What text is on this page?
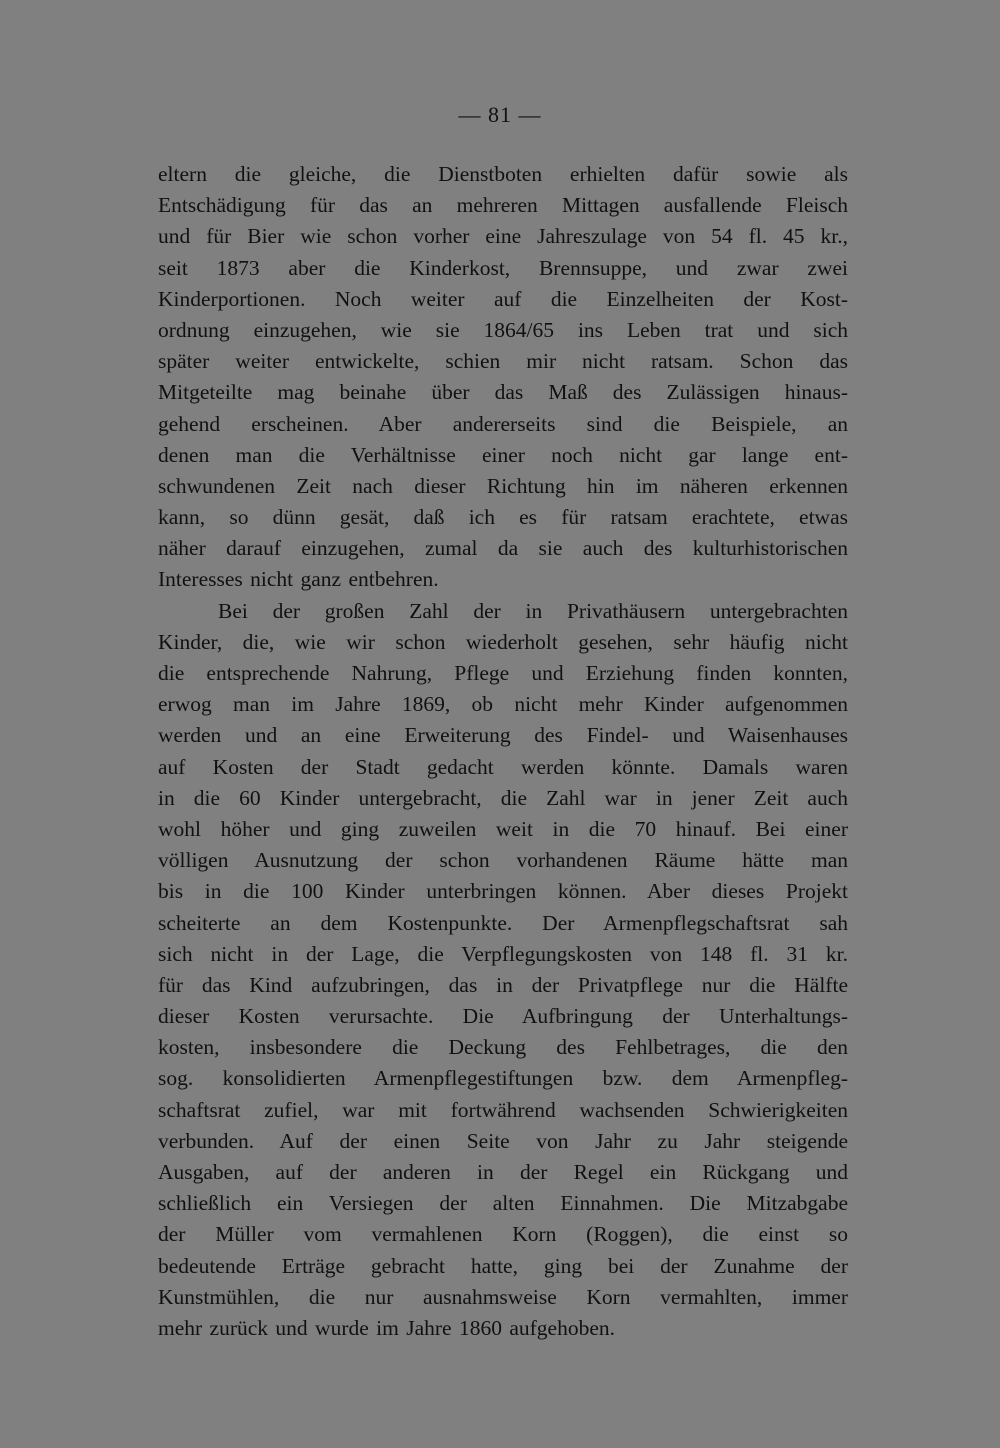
— 81 —
eltern die gleiche, die Dienstboten erhielten dafür sowie als
Entschädigung für das an mehreren Mittagen ausfallende Fleisch
und für Bier wie schon vorher eine Jahreszulage von 54 fl. 45 kr.,
seit 1873 aber die Kinderkost, Brennsuppe, und zwar zwei
Kinderportionen. Noch weiter auf die Einzelheiten der Kost-
ordnung einzugehen, wie sie 1864/65 ins Leben trat und sich
später weiter entwickelte, schien mir nicht ratsam. Schon das
Mitgeteilte mag beinahe über das Maß des Zulässigen hinaus-
gehend erscheinen. Aber andererseits sind die Beispiele, an
denen man die Verhältnisse einer noch nicht gar lange ent-
schwundenen Zeit nach dieser Richtung hin im näheren erkennen
kann, so dünn gesät, daß ich es für ratsam erachtete, etwas
näher darauf einzugehen, zumal da sie auch des kulturhistorischen
Interesses nicht ganz entbehren.
Bei der großen Zahl der in Privathäusern untergebrachten
Kinder, die, wie wir schon wiederholt gesehen, sehr häufig nicht
die entsprechende Nahrung, Pflege und Erziehung finden konnten,
erwog man im Jahre 1869, ob nicht mehr Kinder aufgenommen
werden und an eine Erweiterung des Findel- und Waisenhauses
auf Kosten der Stadt gedacht werden könnte. Damals waren
in die 60 Kinder untergebracht, die Zahl war in jener Zeit auch
wohl höher und ging zuweilen weit in die 70 hinauf. Bei einer
völligen Ausnutzung der schon vorhandenen Räume hätte man
bis in die 100 Kinder unterbringen können. Aber dieses Projekt
scheiterte an dem Kostenpunkte. Der Armenpflegschaftsrat sah
sich nicht in der Lage, die Verpflegungskosten von 148 fl. 31 kr.
für das Kind aufzubringen, das in der Privatpflege nur die Hälfte
dieser Kosten verursachte. Die Aufbringung der Unterhaltungs-
kosten, insbesondere die Deckung des Fehlbetrages, die den
sog. konsolidierten Armenpflegestiftungen bzw. dem Armenpfleg-
schaftsrat zufiel, war mit fortwährend wachsenden Schwierigkeiten
verbunden. Auf der einen Seite von Jahr zu Jahr steigende
Ausgaben, auf der anderen in der Regel ein Rückgang und
schließlich ein Versiegen der alten Einnahmen. Die Mitzabgabe
der Müller vom vermahlenen Korn (Roggen), die einst so
bedeutende Erträge gebracht hatte, ging bei der Zunahme der
Kunstmühlen, die nur ausnahmsweise Korn vermahlten, immer
mehr zurück und wurde im Jahre 1860 aufgehoben.
